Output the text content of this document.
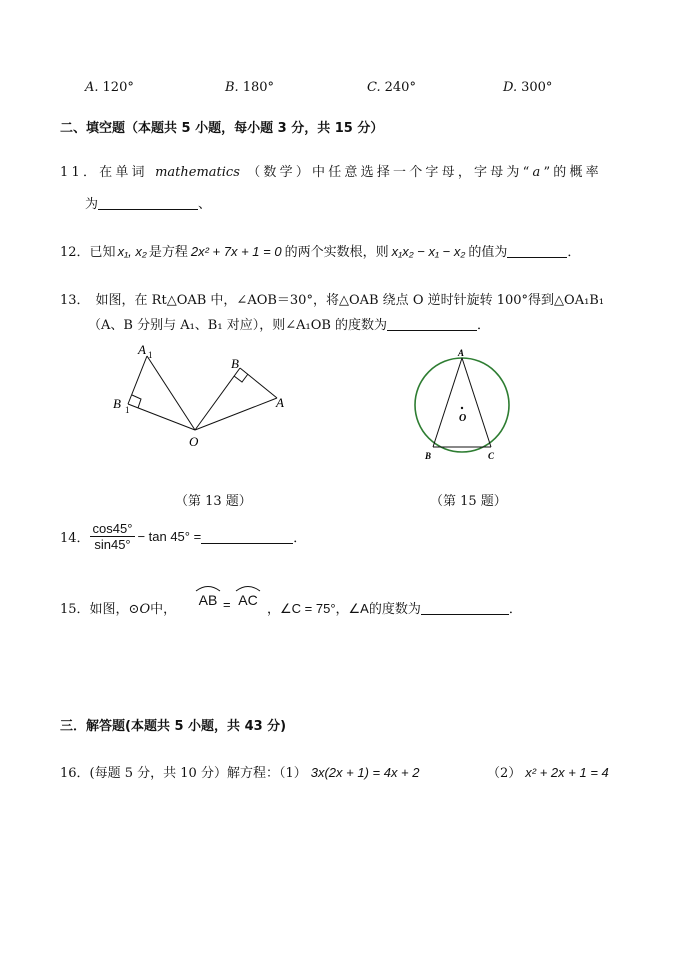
A. 120°	B. 180°	C. 240°	D. 300°
二、填空题（本题共 5 小题，每小题 3 分，共 15 分）
11．在单词 mathematics （数学）中任意选择一个字母，字母为“a”的概率
为	、
12．已知 x₁, x₂ 是方程 2x² + 7x + 1 = 0 的两个实数根，则 x₁x₂ − x₁ − x₂ 的值为	．
13． 如图，在 Rt△OAB 中，∠AOB＝30°，将△OAB 绕点 O 逆时针旋转 100°得到△OA₁B₁
（A、B 分别与 A₁、B₁ 对应），则∠A₁OB 的度数为	．
A 1
B 1
O
B
A
A
O
B	C
（第 13 题）	（第 15 题）
14． $\frac{\cos 45^\circ}{\sin 45^\circ} - \tan 45^\circ$ =	．
15．如图，⊙O中，
AB = AC
，∠C = 75°，∠A的度数为	．
三．解答题(本题共 5 小题，共 43 分)
16．(每题 5 分，共 10 分）解方程：（1） 3x(2x + 1) = 4x + 2	（2） x² + 2x + 1 = 4
